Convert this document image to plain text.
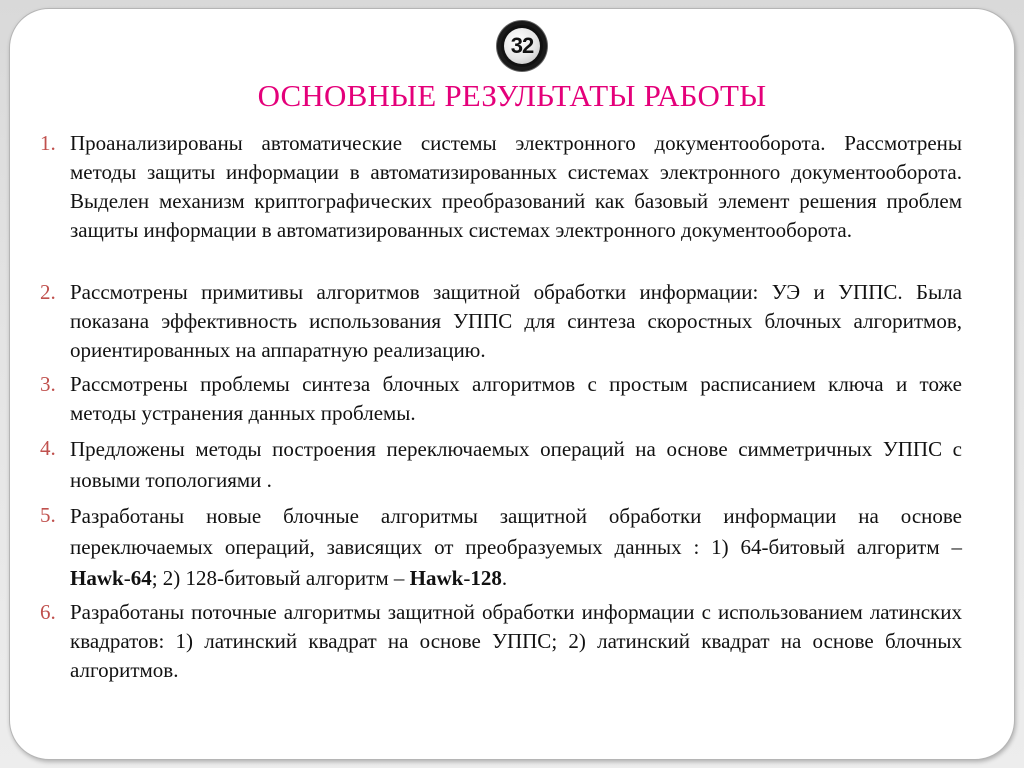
32
ОСНОВНЫЕ РЕЗУЛЬТАТЫ РАБОТЫ
1. Проанализированы автоматические системы электронного документооборота. Рассмотрены методы защиты информации в автоматизированных системах электронного документооборота. Выделен механизм криптографических преобразований как базовый элемент решения проблем защиты информации в автоматизированных системах электронного документооборота.
2. Рассмотрены примитивы алгоритмов защитной обработки информации: УЭ и УППС. Была показана эффективность использования УППС для синтеза скоростных блочных алгоритмов, ориентированных на аппаратную реализацию.
3. Рассмотрены проблемы синтеза блочных алгоритмов с простым расписанием ключа и тоже методы устранения данных проблемы.
4. Предложены методы построения переключаемых операций на основе симметричных УППС с новыми топологиями .
5. Разработаны новые блочные алгоритмы защитной обработки информации на основе переключаемых операций, зависящих от преобразуемых данных : 1) 64-битовый алгоритм – Hawk-64; 2) 128-битовый алгоритм – Hawk-128.
6. Разработаны поточные алгоритмы защитной обработки информации с использованием латинских квадратов: 1) латинский квадрат на основе УППС; 2) латинский квадрат на основе блочных алгоритмов.
